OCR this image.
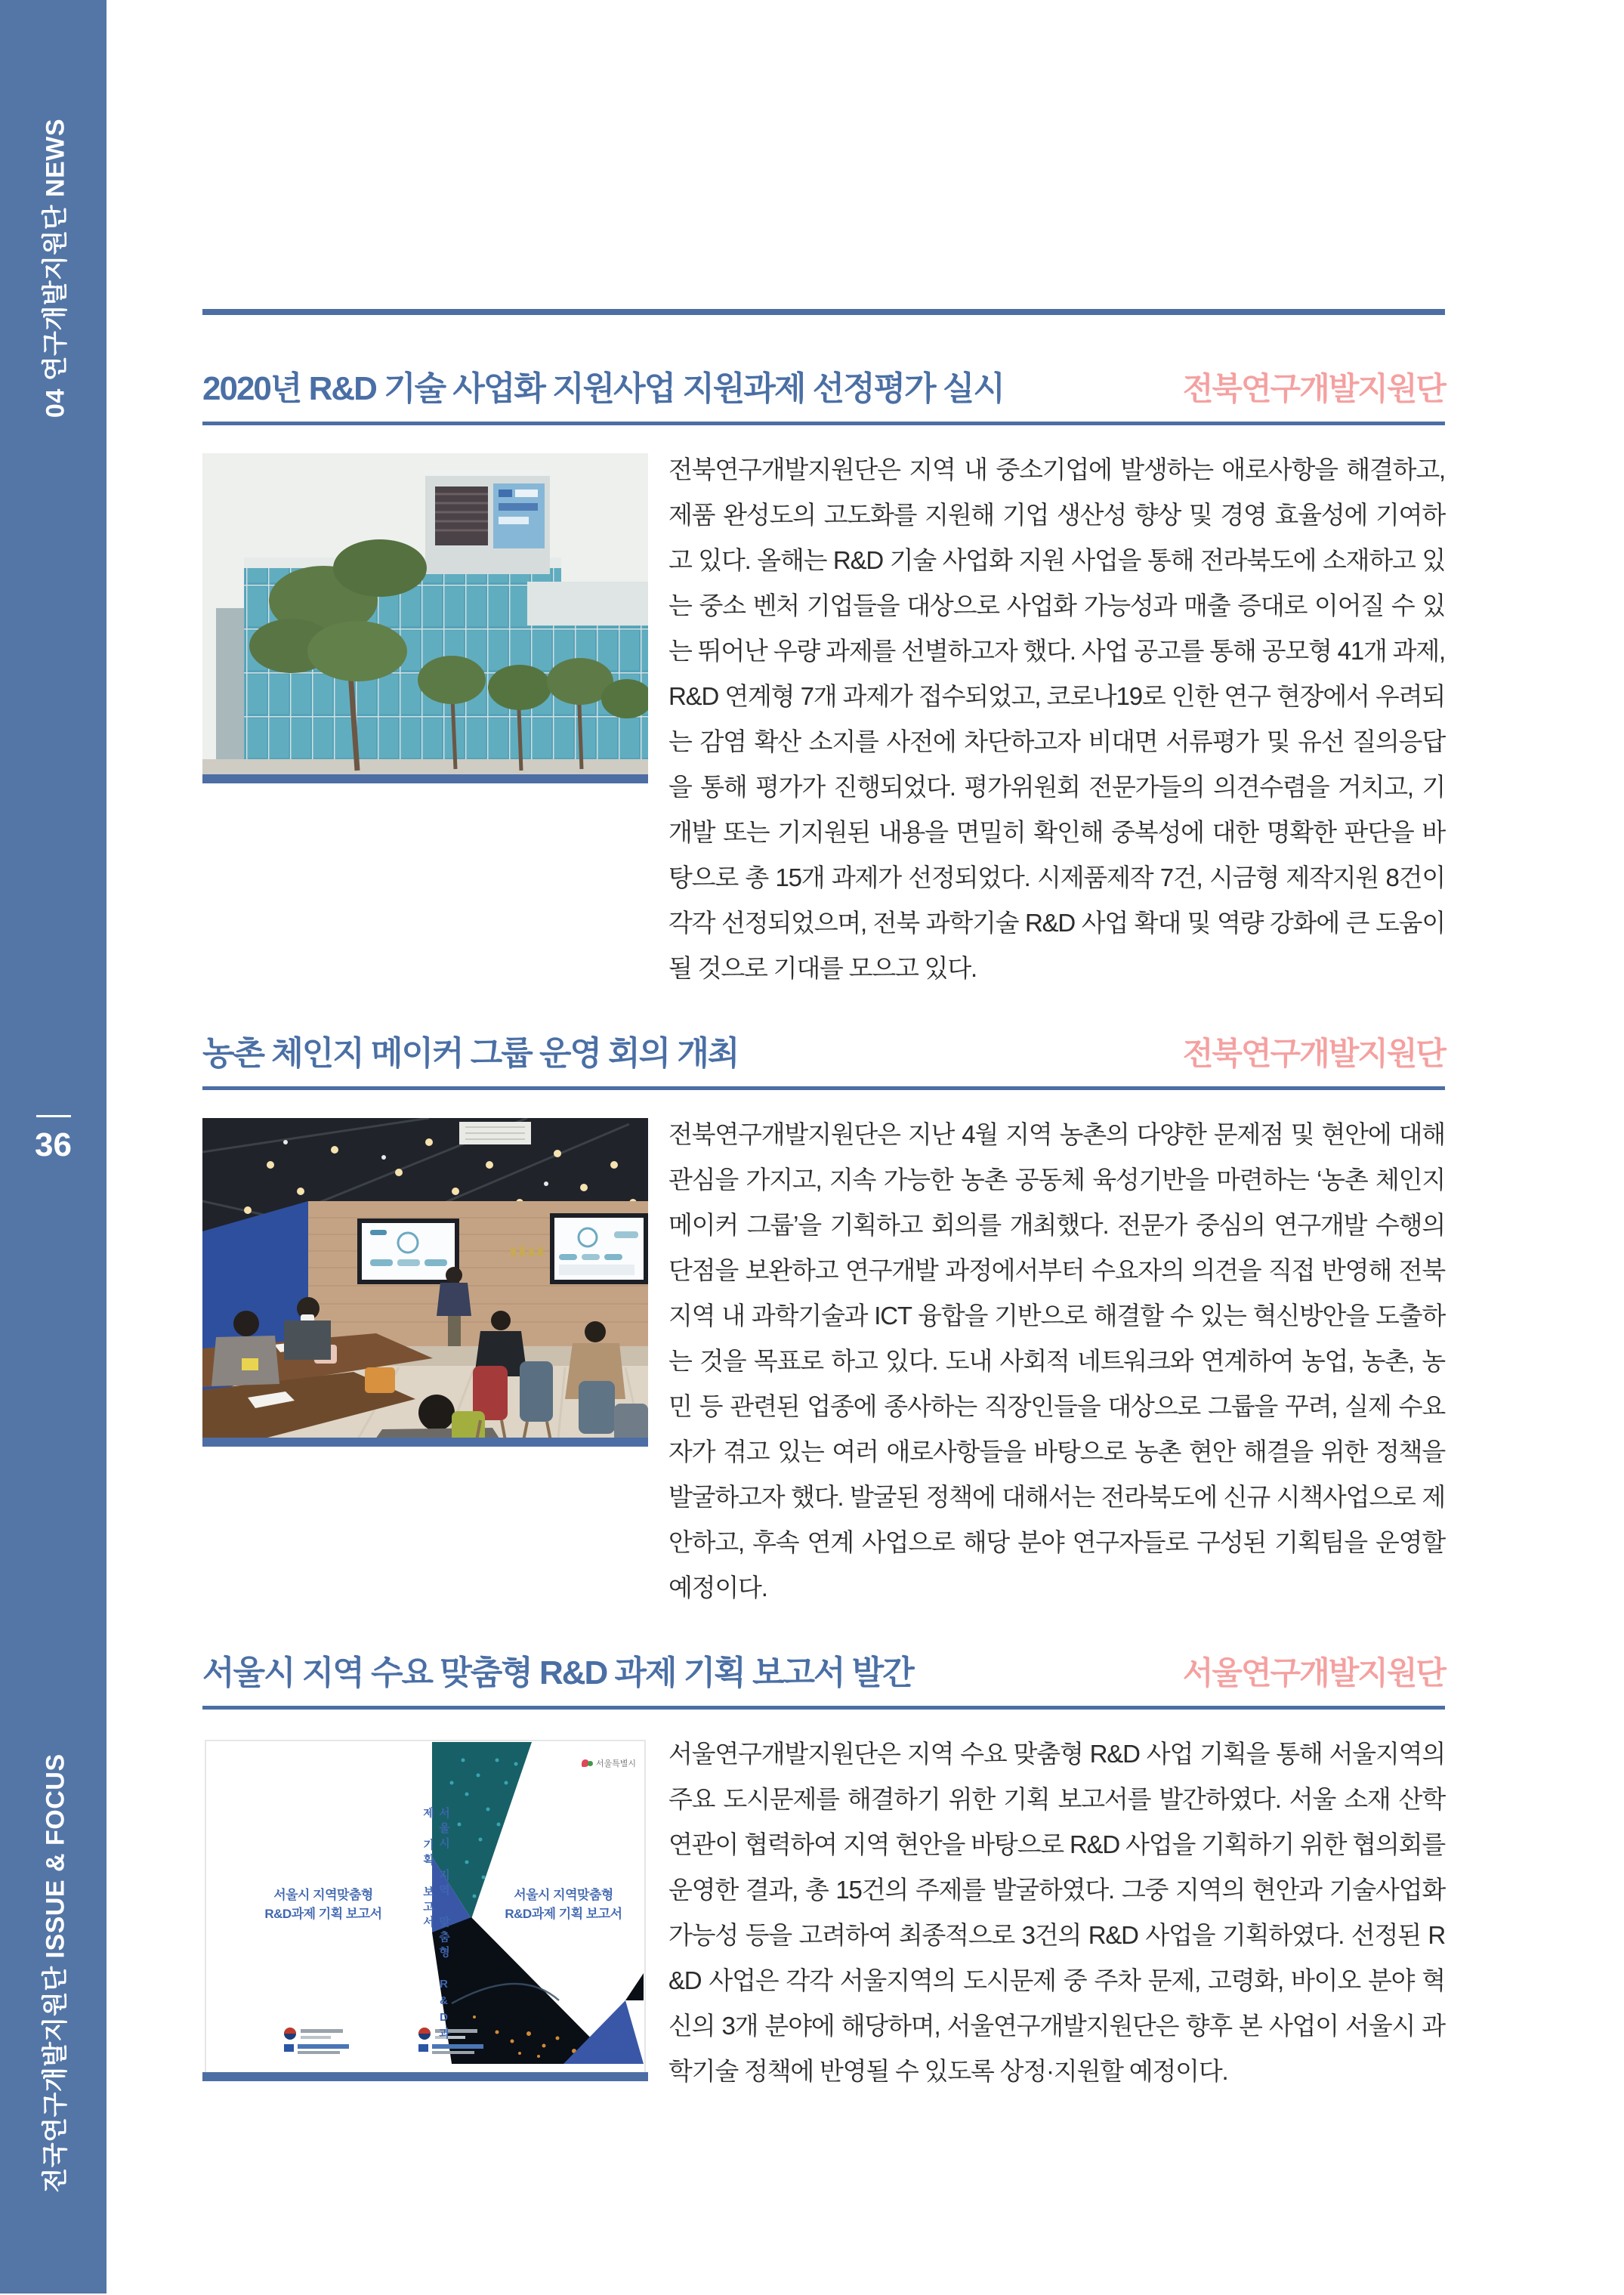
04 연구개발지원단 NEWS
36
전국연구개발지원단 ISSUE & FOCUS
2020년 R&D 기술 사업화 지원사업 지원과제 선정평가 실시	전북연구개발지원단
전북연구개발지원단은 지역 내 중소기업에 발생하는 애로사항을 해결하고, 제품 완성도의 고도화를 지원해 기업 생산성 향상 및 경영 효율성에 기여하고 있다. 올해는 R&D 기술 사업화 지원 사업을 통해 전라북도에 소재하고 있는 중소 벤처 기업들을 대상으로 사업화 가능성과 매출 증대로 이어질 수 있는 뛰어난 우량 과제를 선별하고자 했다. 사업 공고를 통해 공모형 41개 과제, R&D 연계형 7개 과제가 접수되었고, 코로나19로 인한 연구 현장에서 우려되는 감염 확산 소지를 사전에 차단하고자 비대면 서류평가 및 유선 질의응답을 통해 평가가 진행되었다. 평가위원회 전문가들의 의견수렴을 거치고, 기개발 또는 기지원된 내용을 면밀히 확인해 중복성에 대한 명확한 판단을 바탕으로 총 15개 과제가 선정되었다. 시제품제작 7건, 시금형 제작지원 8건이 각각 선정되었으며, 전북 과학기술 R&D 사업 확대 및 역량 강화에 큰 도움이 될 것으로 기대를 모으고 있다.
농촌 체인지 메이커 그룹 운영 회의 개최	전북연구개발지원단
전북연구개발지원단은 지난 4월 지역 농촌의 다양한 문제점 및 현안에 대해 관심을 가지고, 지속 가능한 농촌 공동체 육성기반을 마련하는 ‘농촌 체인지 메이커 그룹’을 기획하고 회의를 개최했다. 전문가 중심의 연구개발 수행의 단점을 보완하고 연구개발 과정에서부터 수요자의 의견을 직접 반영해 전북지역 내 과학기술과 ICT 융합을 기반으로 해결할 수 있는 혁신방안을 도출하는 것을 목표로 하고 있다. 도내 사회적 네트워크와 연계하여 농업, 농촌, 농민 등 관련된 업종에 종사하는 직장인들을 대상으로 그룹을 꾸려, 실제 수요자가 겪고 있는 여러 애로사항들을 바탕으로 농촌 현안 해결을 위한 정책을 발굴하고자 했다. 발굴된 정책에 대해서는 전라북도에 신규 시책사업으로 제안하고, 후속 연계 사업으로 해당 분야 연구자들로 구성된 기획팀을 운영할 예정이다.
서울시 지역 수요 맞춤형 R&D 과제 기획 보고서 발간	서울연구개발지원단
서울시 지역맞춤형
R&D과제 기획 보고서
서울시 지역맞춤형
R&D과제 기획 보고서
서울시 지역 맞춤형 R&D과제 기획 보고서
서울특별시 서울연구개발지원단은 지역 수요 맞춤형 R&D 사업 기획을 통해 서울지역의 주요 도시문제를 해결하기 위한 기획 보고서를 발간하였다. 서울 소재 산학연관이 협력하여 지역 현안을 바탕으로 R&D 사업을 기획하기 위한 협의회를 운영한 결과, 총 15건의 주제를 발굴하였다. 그중 지역의 현안과 기술사업화 가능성 등을 고려하여 최종적으로 3건의 R&D 사업을 기획하였다. 선정된 R&D 사업은 각각 서울지역의 도시문제 중 주차 문제, 고령화, 바이오 분야 혁신의 3개 분야에 해당하며, 서울연구개발지원단은 향후 본 사업이 서울시 과학기술 정책에 반영될 수 있도록 상정·지원할 예정이다.
